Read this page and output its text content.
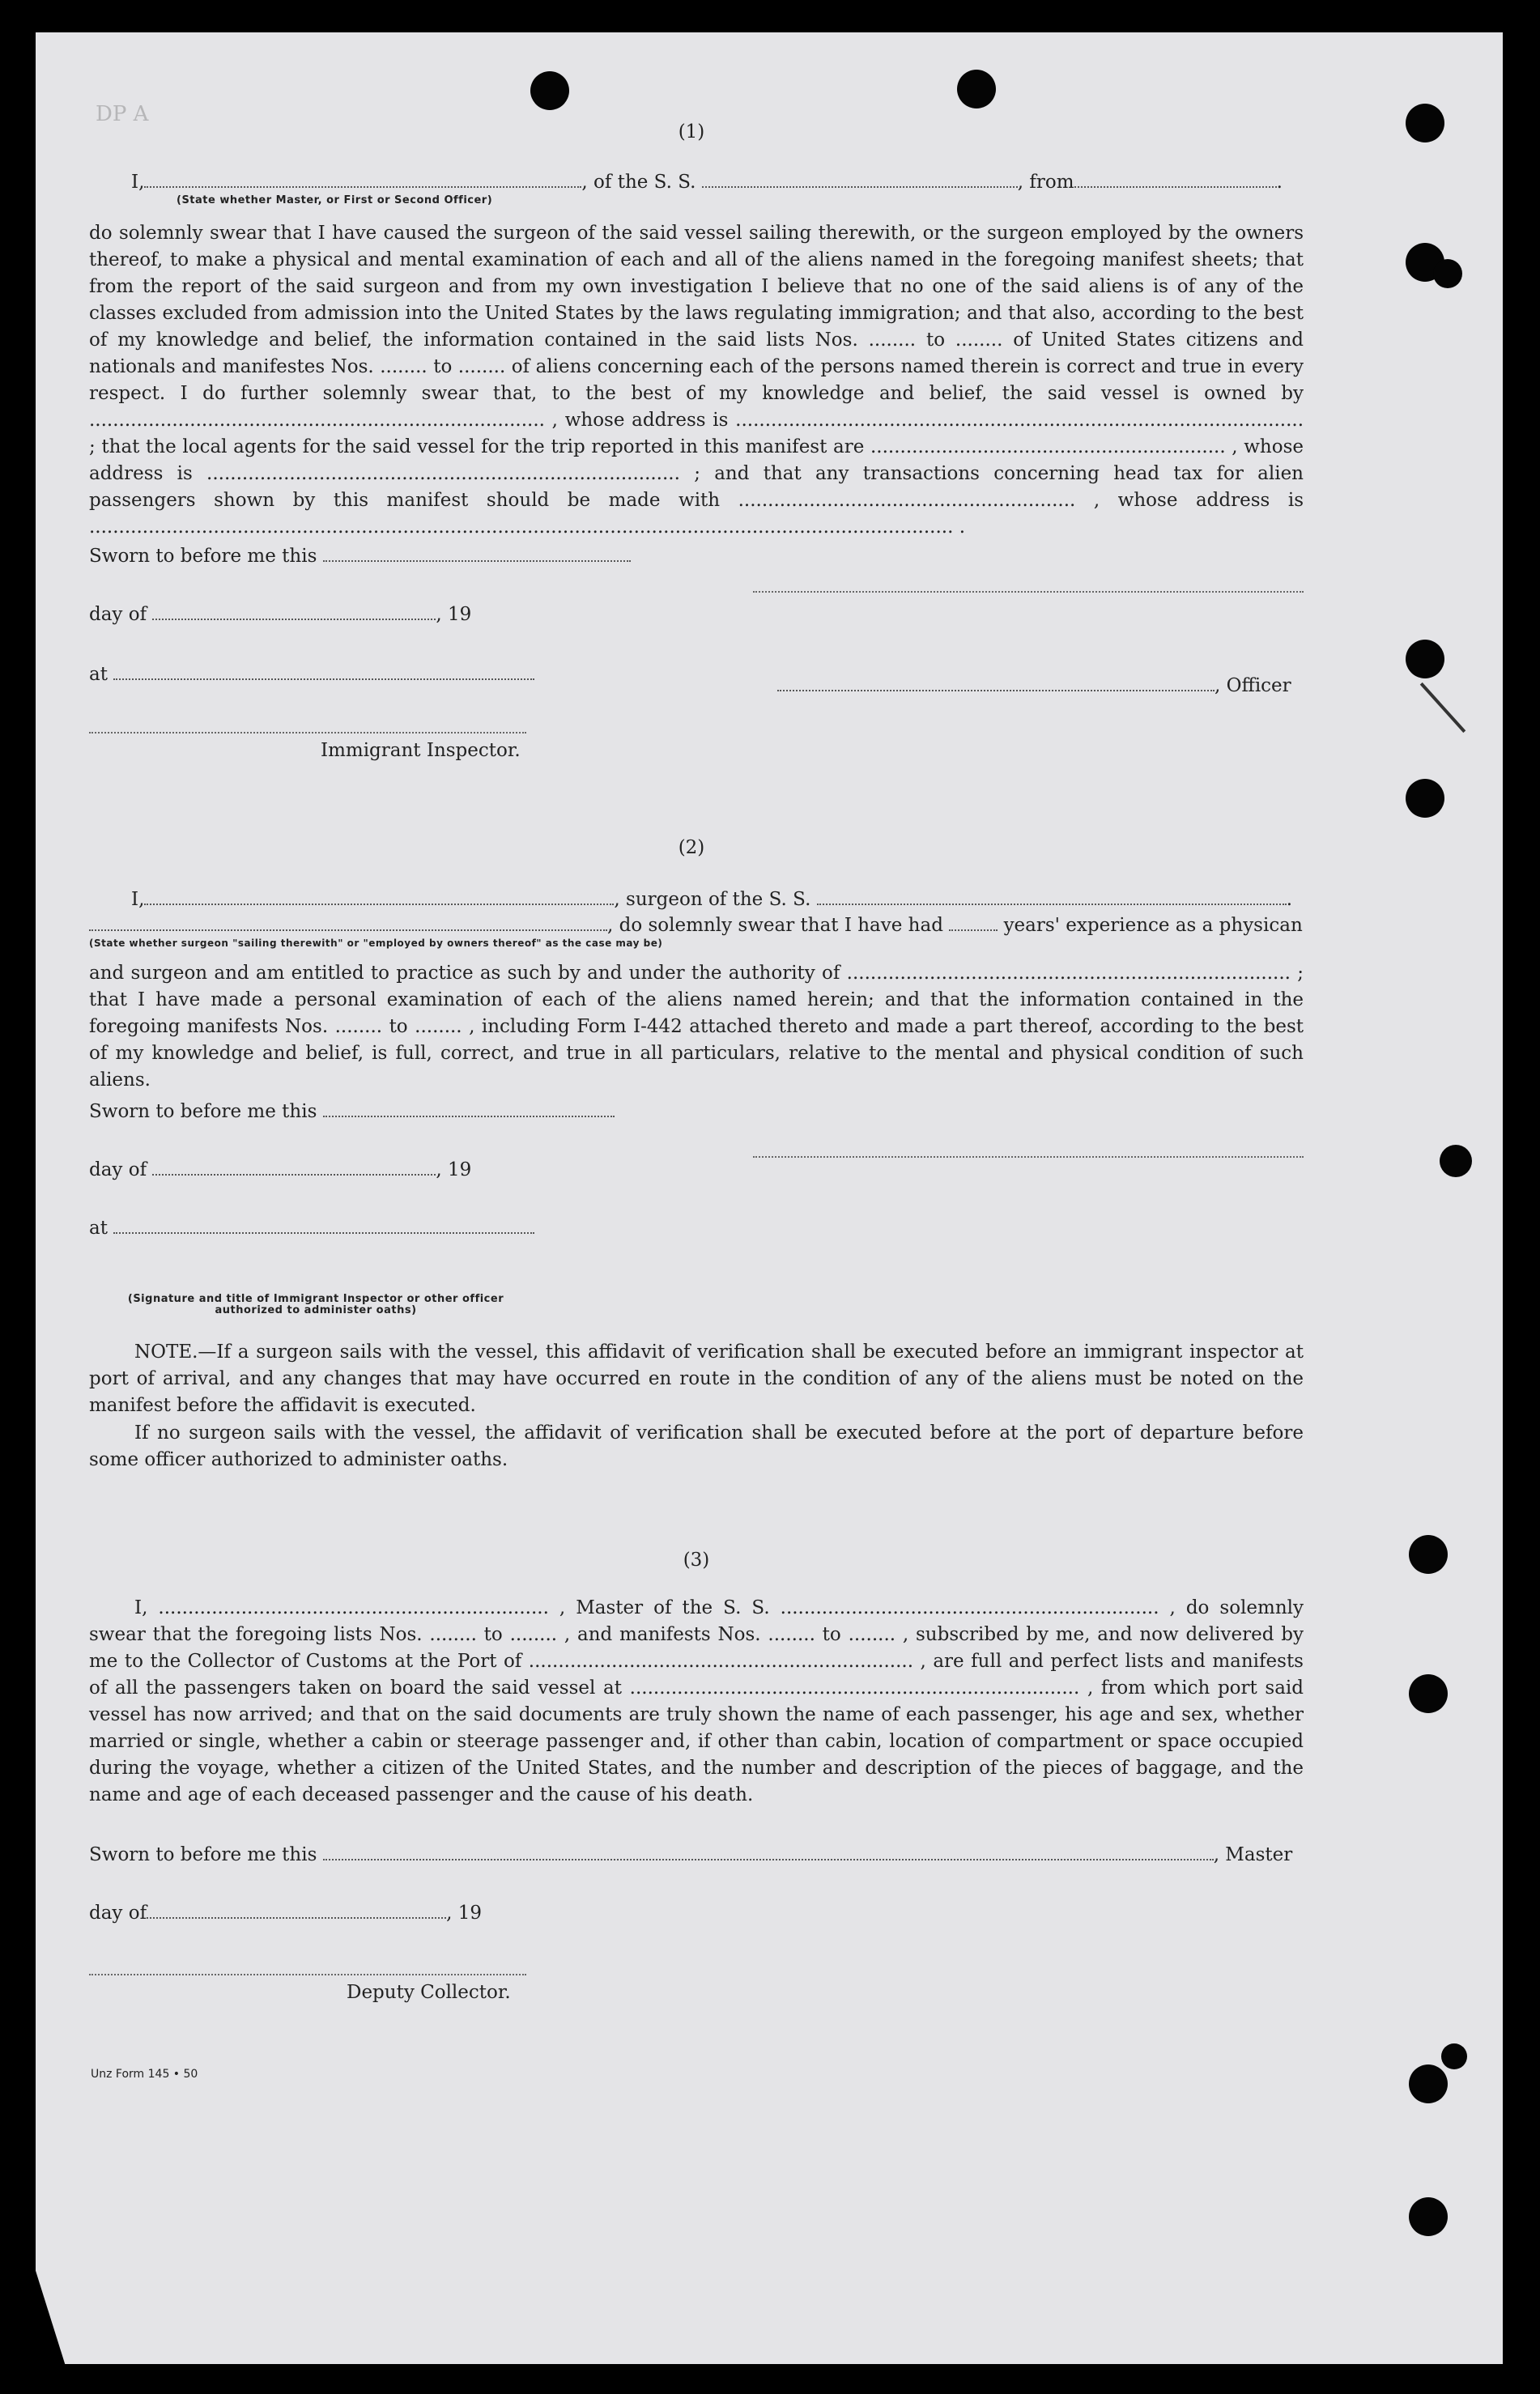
DP A
(1)
I,	, of the S. S.	, from	.
(State whether Master, or First or Second Officer)
do solemnly swear that I have caused the surgeon of the said vessel sailing therewith, or the surgeon employed by the owners thereof, to make a physical and mental examination of each and all of the aliens named in the foregoing manifest sheets; that from the report of the said surgeon and from my own investigation I believe that no one of the said aliens is of any of the classes excluded from admission into the United States by the laws regulating immigration; and that also, according to the best of my knowledge and belief, the information contained in the said lists Nos. ........ to ........ of United States citizens and nationals and manifestes Nos. ........ to ........ of aliens concerning each of the persons named therein is correct and true in every respect. I do further solemnly swear that, to the best of my knowledge and belief, the said vessel is owned by ............................................................................. , whose address is ................................................................................................ ; that the local agents for the said vessel for the trip reported in this manifest are ............................................................ , whose address is ................................................................................ ; and that any transactions concerning head tax for alien passengers shown by this manifest should be made with ......................................................... , whose address is .................................................................................................................................................. .
Sworn to before me this
day of	, 19
at
, Officer
Immigrant Inspector.
(2)
I,	, surgeon of the S. S.	.
, do solemnly swear that I have had	years' experience as a physican
(State whether surgeon "sailing therewith" or "employed by owners thereof" as the case may be)
and surgeon and am entitled to practice as such by and under the authority of ........................................................................... ; that I have made a personal examination of each of the aliens named herein; and that the information contained in the foregoing manifests Nos. ........ to ........ , including Form I-442 attached thereto and made a part thereof, according to the best of my knowledge and belief, is full, correct, and true in all particulars, relative to the mental and physical condition of such aliens.
Sworn to before me this
day of	, 19
at
(Signature and title of Immigrant Inspector or other officer authorized to administer oaths)
NOTE.—If a surgeon sails with the vessel, this affidavit of verification shall be executed before an immigrant inspector at port of arrival, and any changes that may have occurred en route in the condition of any of the aliens must be noted on the manifest before the affidavit is executed.
If no surgeon sails with the vessel, the affidavit of verification shall be executed before at the port of departure before some officer authorized to administer oaths.
(3)
I, .................................................................. , Master of the S. S. ................................................................ , do solemnly swear that the foregoing lists Nos. ........ to ........ , and manifests Nos. ........ to ........ , subscribed by me, and now delivered by me to the Collector of Customs at the Port of ................................................................. , are full and perfect lists and manifests of all the passengers taken on board the said vessel at ............................................................................ , from which port said vessel has now arrived; and that on the said documents are truly shown the name of each passenger, his age and sex, whether married or single, whether a cabin or steerage passenger and, if other than cabin, location of compartment or space occupied during the voyage, whether a citizen of the United States, and the number and description of the pieces of baggage, and the name and age of each deceased passenger and the cause of his death.
Sworn to before me this	, Master
day of	, 19
Deputy Collector.
Unz Form 145 • 50
